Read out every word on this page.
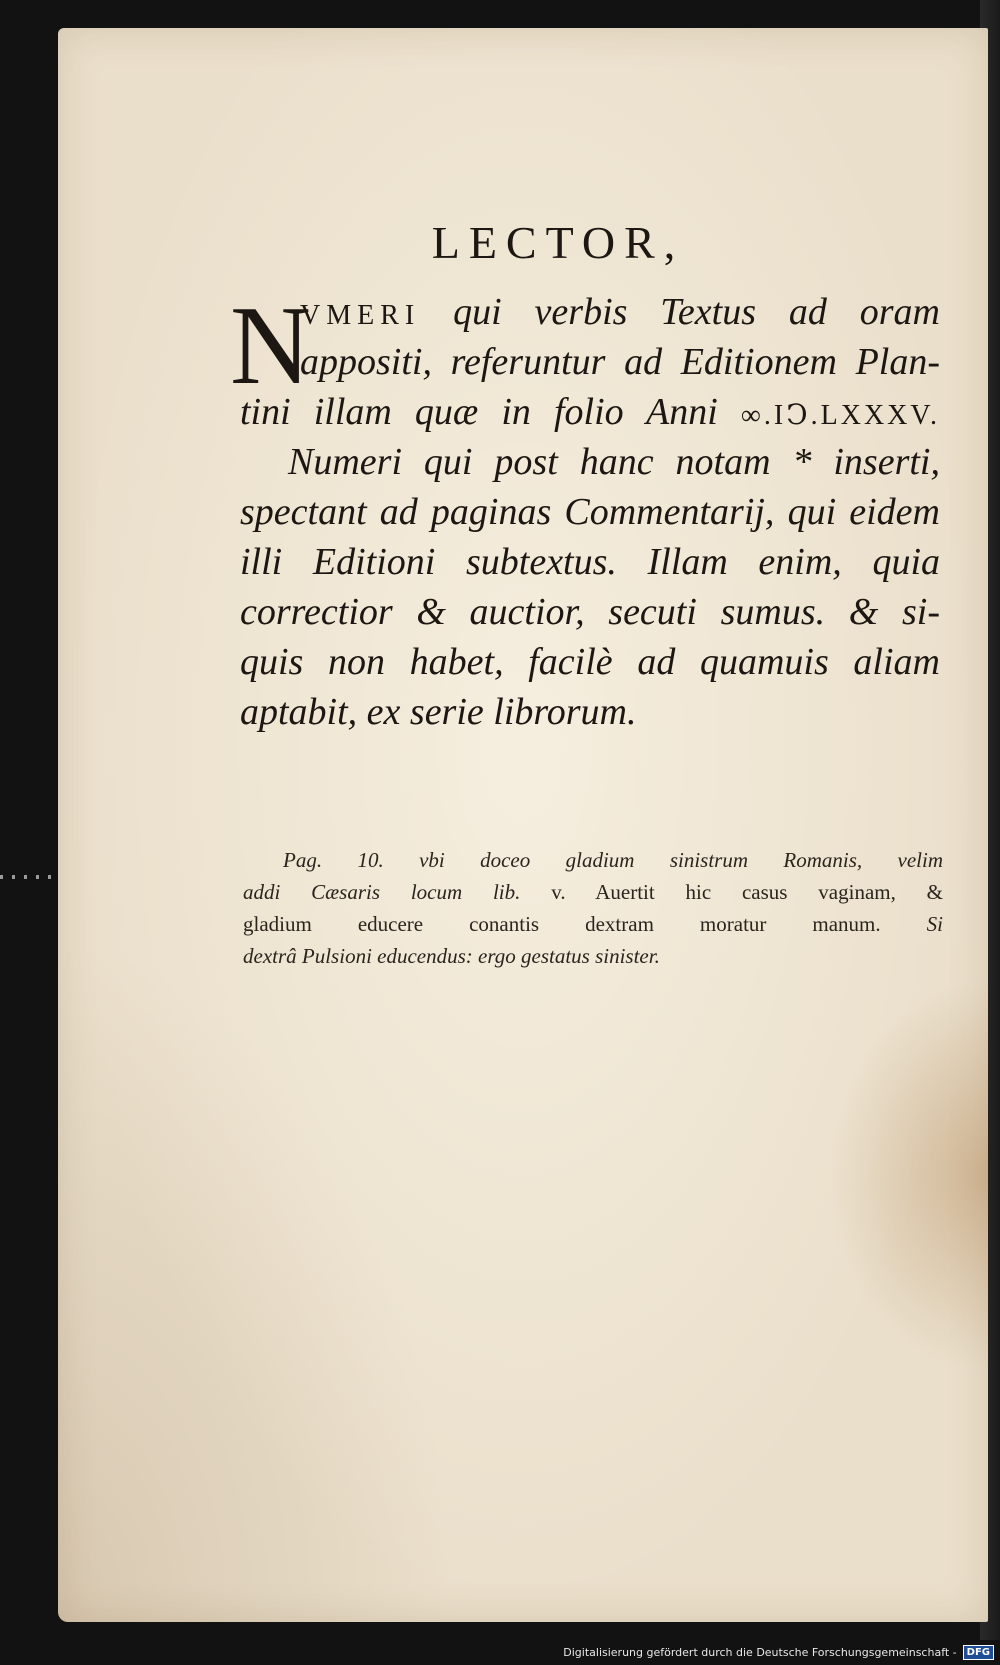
LECTOR,
N
VMERI qui verbis Textus ad oram
appositi, referuntur ad Editionem Plan-
tini illam quæ in folio Anni ∞.IↃ.LXXXV.
Numeri qui post hanc notam * inserti,
spectant ad paginas Commentarij, qui eidem
illi Editioni subtextus. Illam enim, quia
correctior & auctior, secuti sumus. & si-
quis non habet, facilè ad quamuis aliam
aptabit, ex serie librorum.
Pag. 10. vbi doceo gladium sinistrum Romanis, velim
addi Cæsaris locum lib. v. Auertit hic casus vaginam, &
gladium educere conantis dextram moratur manum. Si
dextrâ Pulsioni educendus: ergo gestatus sinister.
Digitalisierung gefördert durch die Deutsche Forschungsgemeinschaft -	DFG
